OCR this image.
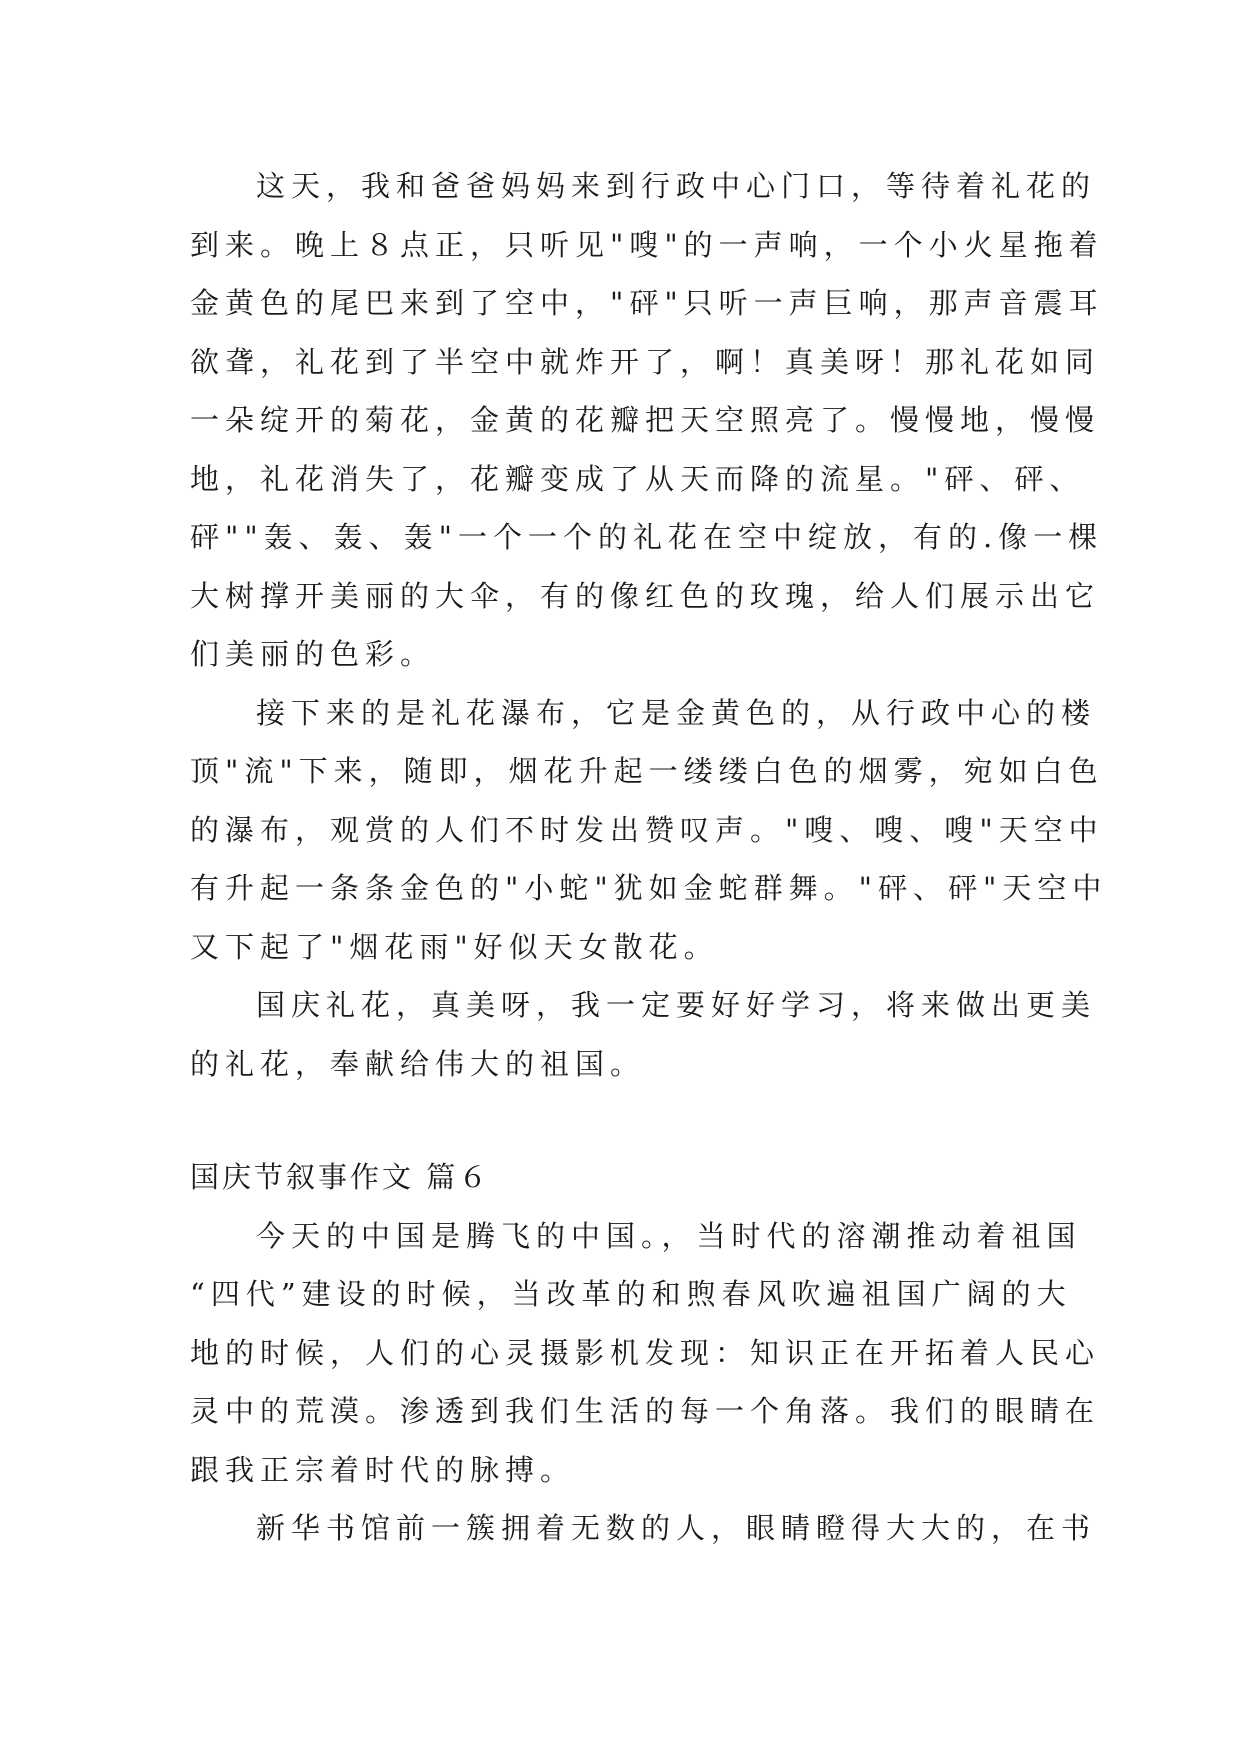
这天，我和爸爸妈妈来到行政中心门口，等待着礼花的
到来。晚上８点正，只听见"嗖"的一声响，一个小火星拖着
金黄色的尾巴来到了空中，"砰"只听一声巨响，那声音震耳
欲聋，礼花到了半空中就炸开了，啊！真美呀！那礼花如同
一朵绽开的菊花，金黄的花瓣把天空照亮了。慢慢地，慢慢
地，礼花消失了，花瓣变成了从天而降的流星。"砰、砰、
砰""轰、轰、轰"一个一个的礼花在空中绽放，有的.像一棵
大树撑开美丽的大伞，有的像红色的玫瑰，给人们展示出它
们美丽的色彩。
接下来的是礼花瀑布，它是金黄色的，从行政中心的楼
顶"流"下来，随即，烟花升起一缕缕白色的烟雾，宛如白色
的瀑布，观赏的人们不时发出赞叹声。"嗖、嗖、嗖"天空中
有升起一条条金色的"小蛇"犹如金蛇群舞。"砰、砰"天空中
又下起了"烟花雨"好似天女散花。
国庆礼花，真美呀，我一定要好好学习，将来做出更美
的礼花，奉献给伟大的祖国。
国庆节叙事作文 篇６
今天的中国是腾飞的中国。，当时代的溶潮推动着祖国
“四代”建设的时候，当改革的和煦春风吹遍祖国广阔的大
地的时候，人们的心灵摄影机发现：知识正在开拓着人民心
灵中的荒漠。渗透到我们生活的每一个角落。我们的眼睛在
跟我正宗着时代的脉搏。
新华书馆前一簇拥着无数的人，眼睛瞪得大大的，在书
